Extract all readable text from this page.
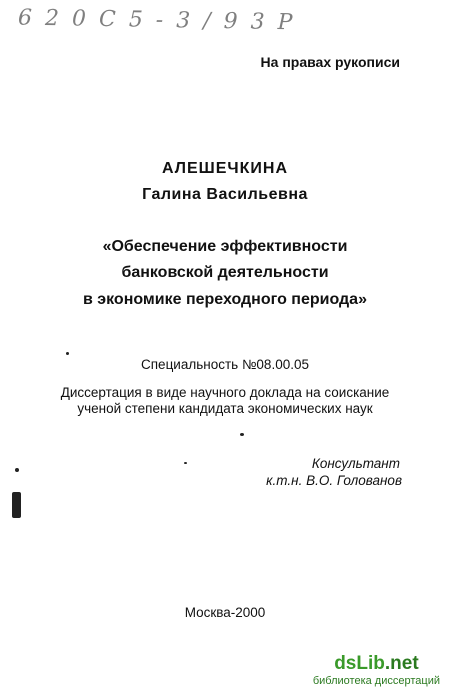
6 2 0 С 5 - 3 / 9 3 Р
На правах рукописи
АЛЕШЕЧКИНА
Галина Васильевна
«Обеспечение эффективности
банковской деятельности
в экономике переходного периода»
Специальность №08.00.05
Диссертация в виде научного доклада на соискание
ученой степени кандидата экономических наук
Консультант
к.т.н. В.О. Голованов
Москва-2000
dsLib.net
библиотека диссертаций
